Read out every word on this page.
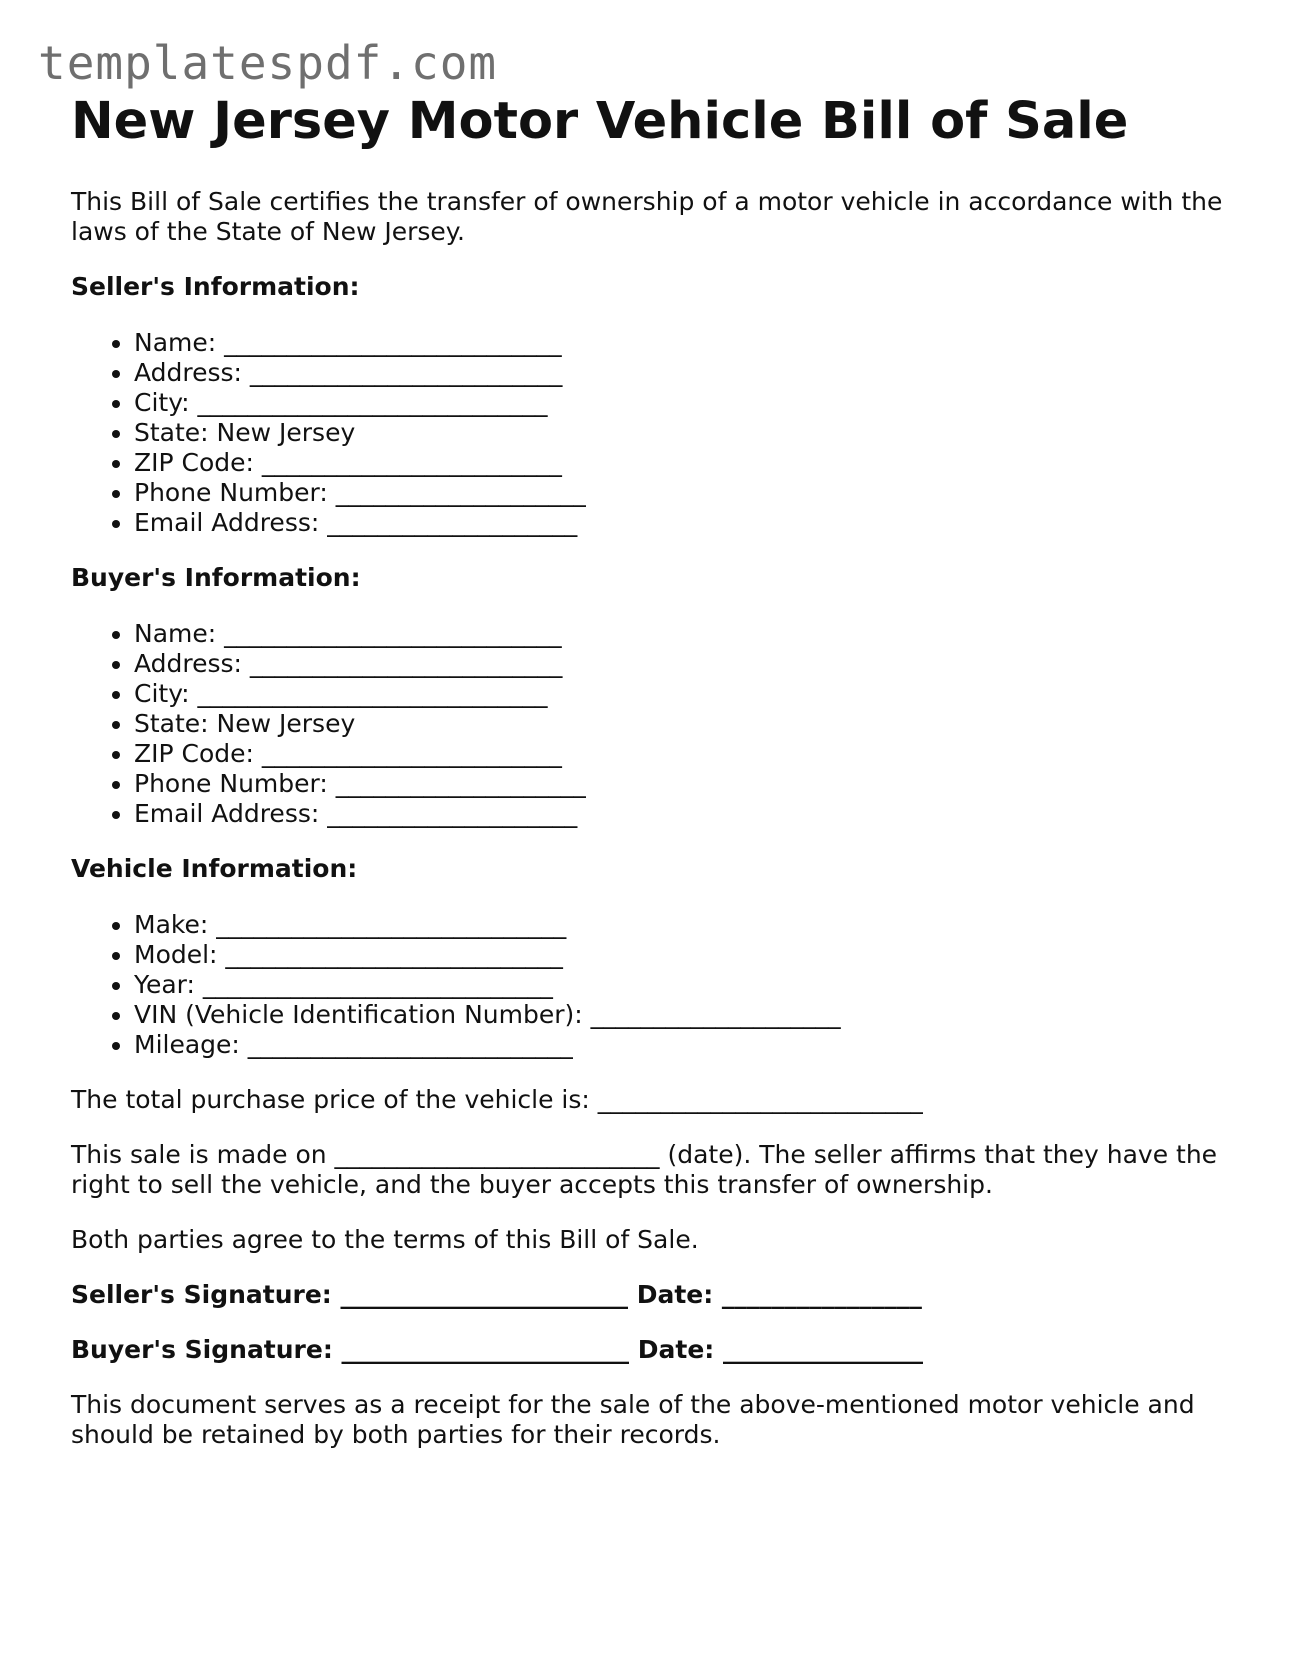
templatespdf.com
New Jersey Motor Vehicle Bill of Sale

This Bill of Sale certifies the transfer of ownership of a motor vehicle in accordance with the laws of the State of New Jersey.

Seller's Information:

• Name: ___________________________
• Address: _________________________
• City: ____________________________
• State: New Jersey
• ZIP Code: ________________________
• Phone Number: ____________________
• Email Address: ____________________

Buyer's Information:

• Name: ___________________________
• Address: _________________________
• City: ____________________________
• State: New Jersey
• ZIP Code: ________________________
• Phone Number: ____________________
• Email Address: ____________________

Vehicle Information:

• Make: ____________________________
• Model: ___________________________
• Year: ____________________________
• VIN (Vehicle Identification Number): ____________________
• Mileage: __________________________

The total purchase price of the vehicle is: __________________________

This sale is made on __________________________ (date). The seller affirms that they have the right to sell the vehicle, and the buyer accepts this transfer of ownership.

Both parties agree to the terms of this Bill of Sale.

Seller's Signature: _______________________ Date: ________________

Buyer's Signature: _______________________ Date: ________________

This document serves as a receipt for the sale of the above-mentioned motor vehicle and should be retained by both parties for their records.
